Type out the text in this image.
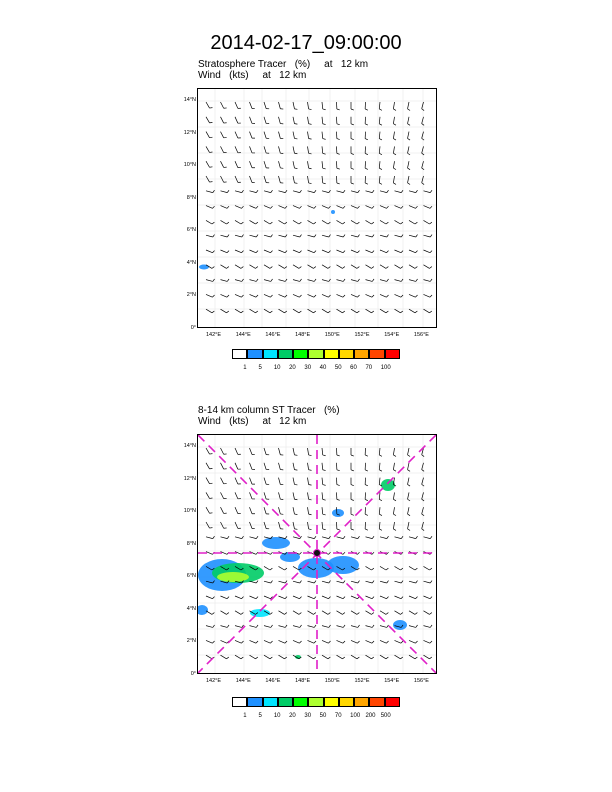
2014-02-17_09:00:00
Stratosphere Tracer   (%)     at   12 km
Wind   (kts)     at   12 km
14°N
12°N
10°N
8°N
6°N
4°N
2°N
0°
142°E	144°E	146°E	148°E	150°E	152°E	154°E	156°E
1 5 10 20 30 40 50 60 70 100
8-14 km column ST Tracer   (%)
Wind   (kts)     at   12 km
14°N
12°N
10°N
8°N
6°N
4°N
2°N
0°
142°E	144°E	146°E	148°E	150°E	152°E	154°E	156°E
1 5 10 20 30 50 70 100 200 500
